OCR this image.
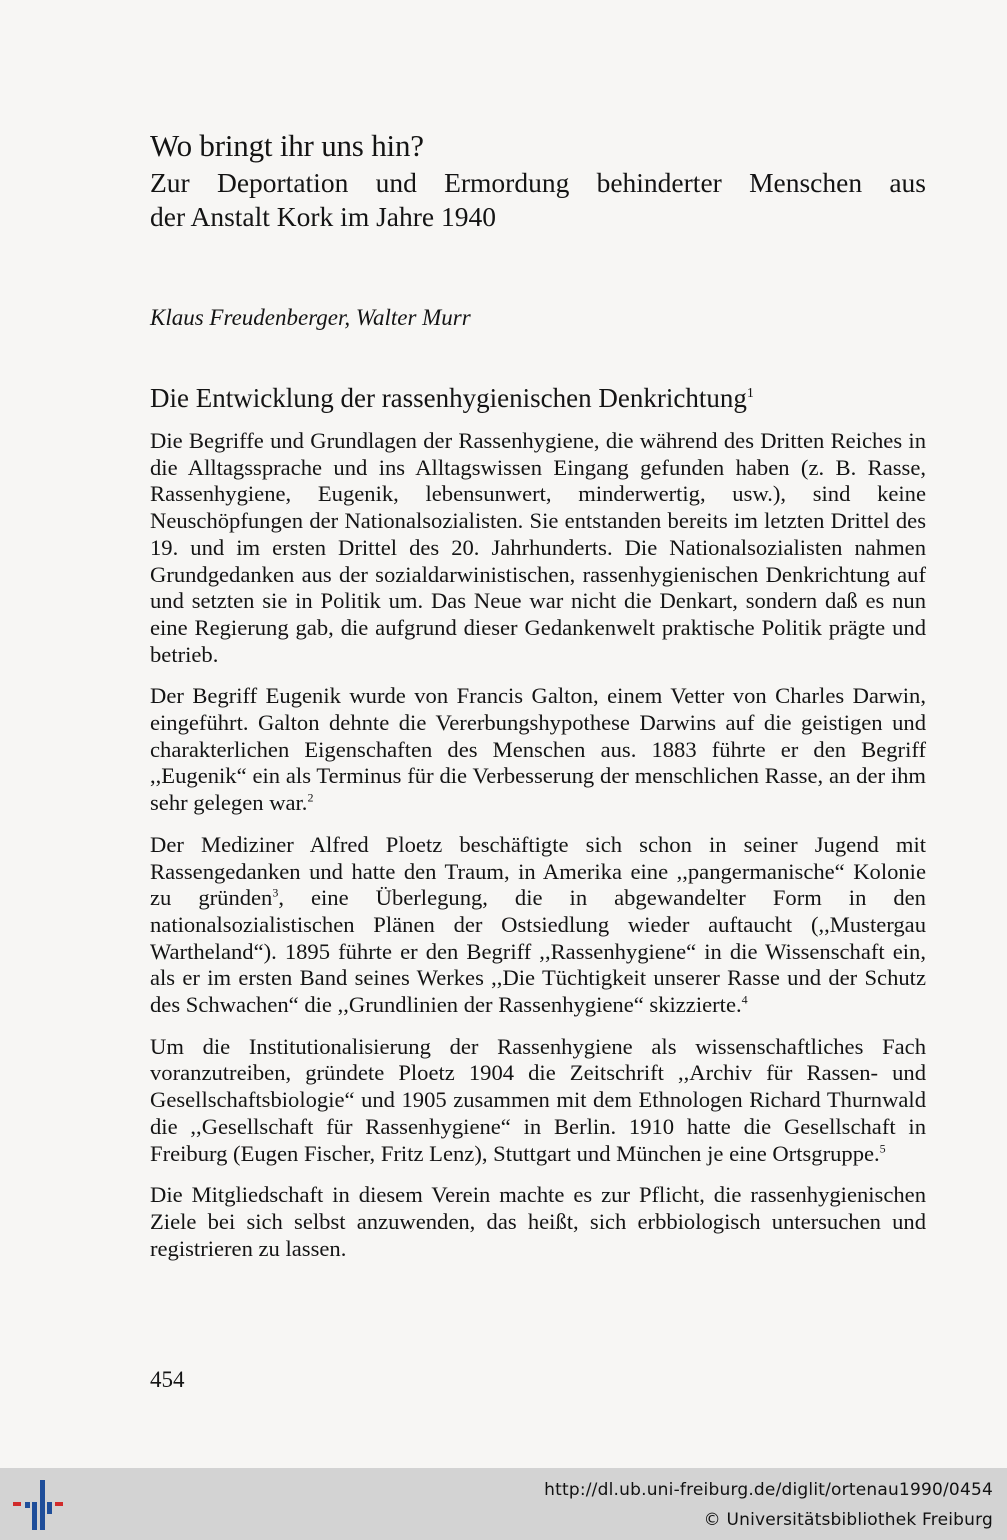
Wo bringt ihr uns hin?
Zur Deportation und Ermordung behinderter Menschen aus
der Anstalt Kork im Jahre 1940

Klaus Freudenberger, Walter Murr

Die Entwicklung der rassenhygienischen Denkrichtung$^1$

Die Begriffe und Grundlagen der Rassenhygiene, die während des Dritten Reiches in die Alltagssprache und ins Alltagswissen Eingang gefunden haben (z. B. Rasse, Rassenhygiene, Eugenik, lebensunwert, minderwertig, usw.), sind keine Neuschöpfungen der Nationalsozialisten. Sie entstanden bereits im letzten Drittel des 19. und im ersten Drittel des 20. Jahrhunderts. Die Nationalsozialisten nahmen Grundgedanken aus der sozialdarwinistischen, rassenhygienischen Denkrichtung auf und setzten sie in Politik um. Das Neue war nicht die Denkart, sondern daß es nun eine Regierung gab, die aufgrund dieser Gedankenwelt praktische Politik prägte und betrieb.

Der Begriff Eugenik wurde von Francis Galton, einem Vetter von Charles Darwin, eingeführt. Galton dehnte die Vererbungshypothese Darwins auf die geistigen und charakterlichen Eigenschaften des Menschen aus. 1883 führte er den Begriff ,,Eugenik“ ein als Terminus für die Verbesserung der menschlichen Rasse, an der ihm sehr gelegen war.$^2$

Der Mediziner Alfred Ploetz beschäftigte sich schon in seiner Jugend mit Rassengedanken und hatte den Traum, in Amerika eine ,,pangermanische“ Kolonie zu gründen$^3$, eine Überlegung, die in abgewandelter Form in den nationalsozialistischen Plänen der Ostsiedlung wieder auftaucht (,,Mustergau Wartheland“). 1895 führte er den Begriff ,,Rassenhygiene“ in die Wissenschaft ein, als er im ersten Band seines Werkes ,,Die Tüchtigkeit unserer Rasse und der Schutz des Schwachen“ die ,,Grundlinien der Rassenhygiene“ skizzierte.$^4$

Um die Institutionalisierung der Rassenhygiene als wissenschaftliches Fach voranzutreiben, gründete Ploetz 1904 die Zeitschrift ,,Archiv für Rassen- und Gesellschaftsbiologie“ und 1905 zusammen mit dem Ethnologen Richard Thurnwald die ,,Gesellschaft für Rassenhygiene“ in Berlin. 1910 hatte die Gesellschaft in Freiburg (Eugen Fischer, Fritz Lenz), Stuttgart und München je eine Ortsgruppe.$^5$

Die Mitgliedschaft in diesem Verein machte es zur Pflicht, die rassenhygienischen Ziele bei sich selbst anzuwenden, das heißt, sich erbbiologisch untersuchen und registrieren zu lassen.

454
http://dl.ub.uni-freiburg.de/diglit/ortenau1990/0454
© Universitätsbibliothek Freiburg
